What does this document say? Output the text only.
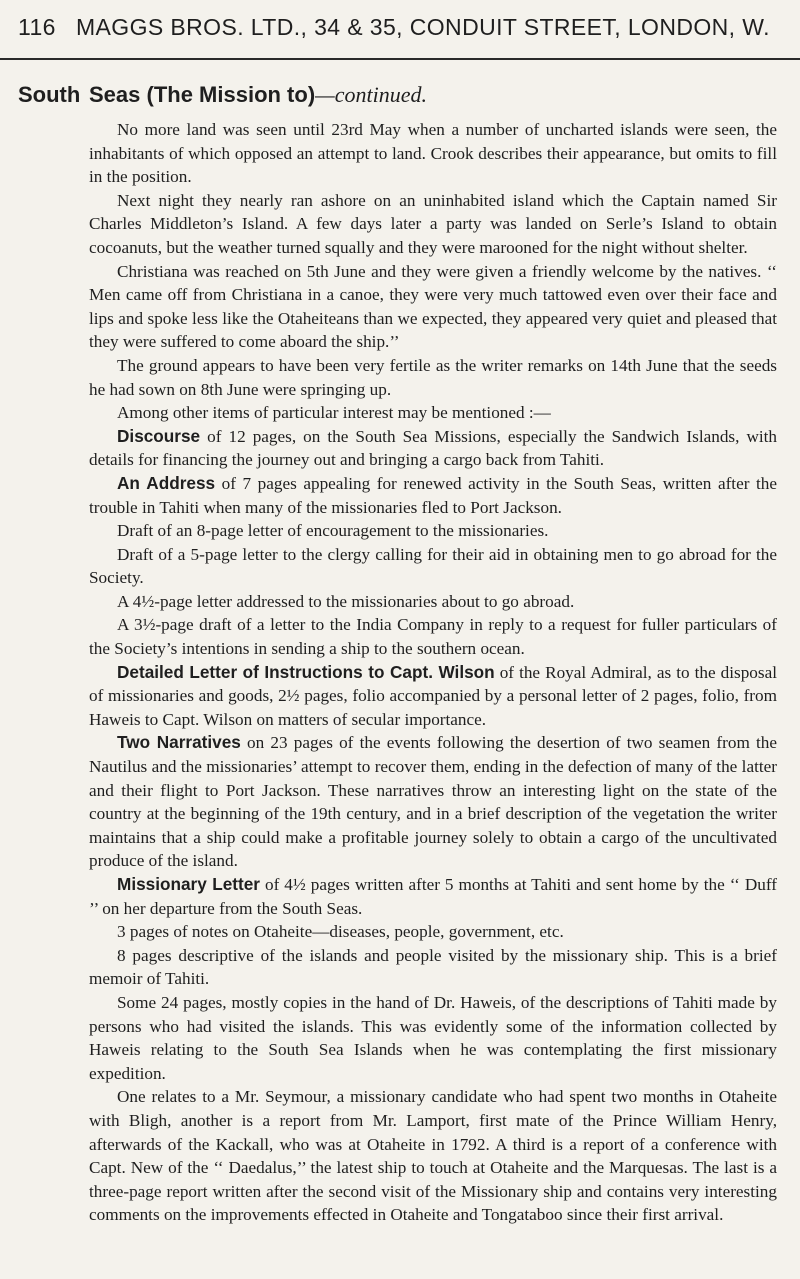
116 MAGGS BROS. LTD., 34 & 35, CONDUIT STREET, LONDON, W.
South Seas (The Mission to)—continued.

No more land was seen until 23rd May when a number of uncharted islands were seen, the inhabitants of which opposed an attempt to land. Crook describes their appearance, but omits to fill in the position.

Next night they nearly ran ashore on an uninhabited island which the Captain named Sir Charles Middleton’s Island. A few days later a party was landed on Serle’s Island to obtain cocoanuts, but the weather turned squally and they were marooned for the night without shelter.

Christiana was reached on 5th June and they were given a friendly welcome by the natives. ‘‘ Men came off from Christiana in a canoe, they were very much tattowed even over their face and lips and spoke less like the Otaheiteans than we expected, they appeared very quiet and pleased that they were suffered to come aboard the ship.’’

The ground appears to have been very fertile as the writer remarks on 14th June that the seeds he had sown on 8th June were springing up.

Among other items of particular interest may be mentioned :—

Discourse of 12 pages, on the South Sea Missions, especially the Sandwich Islands, with details for financing the journey out and bringing a cargo back from Tahiti.

An Address of 7 pages appealing for renewed activity in the South Seas, written after the trouble in Tahiti when many of the missionaries fled to Port Jackson.

Draft of an 8-page letter of encouragement to the missionaries.

Draft of a 5-page letter to the clergy calling for their aid in obtaining men to go abroad for the Society.

A 4½-page letter addressed to the missionaries about to go abroad.

A 3½-page draft of a letter to the India Company in reply to a request for fuller particulars of the Society’s intentions in sending a ship to the southern ocean.

Detailed Letter of Instructions to Capt. Wilson of the Royal Admiral, as to the disposal of missionaries and goods, 2½ pages, folio accompanied by a personal letter of 2 pages, folio, from Haweis to Capt. Wilson on matters of secular importance.

Two Narratives on 23 pages of the events following the desertion of two seamen from the Nautilus and the missionaries’ attempt to recover them, ending in the defection of many of the latter and their flight to Port Jackson. These narratives throw an interesting light on the state of the country at the beginning of the 19th century, and in a brief description of the vegetation the writer maintains that a ship could make a profitable journey solely to obtain a cargo of the uncultivated produce of the island.

Missionary Letter of 4½ pages written after 5 months at Tahiti and sent home by the ‘‘ Duff ’’ on her departure from the South Seas.

3 pages of notes on Otaheite—diseases, people, government, etc.

8 pages descriptive of the islands and people visited by the missionary ship. This is a brief memoir of Tahiti.

Some 24 pages, mostly copies in the hand of Dr. Haweis, of the descriptions of Tahiti made by persons who had visited the islands. This was evidently some of the information collected by Haweis relating to the South Sea Islands when he was contemplating the first missionary expedition.

One relates to a Mr. Seymour, a missionary candidate who had spent two months in Otaheite with Bligh, another is a report from Mr. Lamport, first mate of the Prince William Henry, afterwards of the Kackall, who was at Otaheite in 1792. A third is a report of a conference with Capt. New of the ‘‘ Daedalus,’’ the latest ship to touch at Otaheite and the Marquesas. The last is a three-page report written after the second visit of the Missionary ship and contains very interesting comments on the improvements effected in Otaheite and Tongataboo since their first arrival.
